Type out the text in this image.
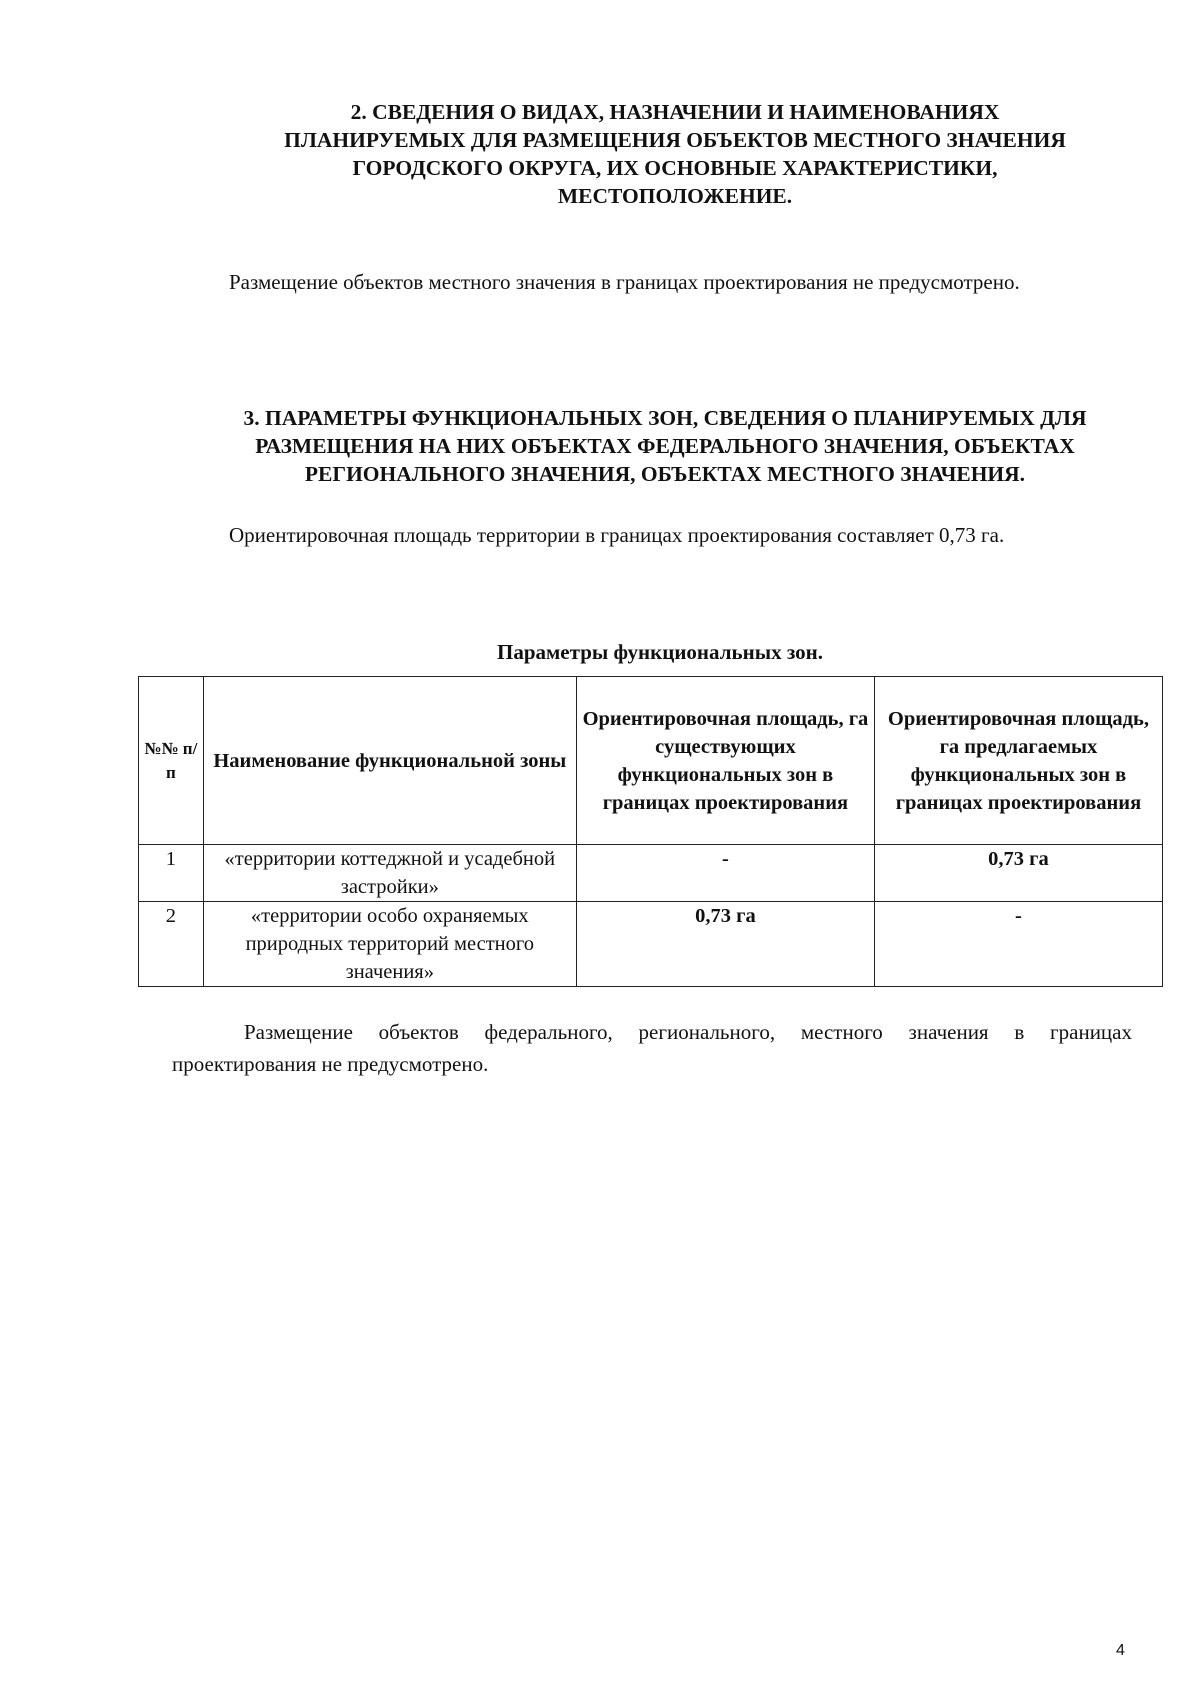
2. СВЕДЕНИЯ О ВИДАХ, НАЗНАЧЕНИИ И НАИМЕНОВАНИЯХ
ПЛАНИРУЕМЫХ ДЛЯ РАЗМЕЩЕНИЯ ОБЪЕКТОВ МЕСТНОГО ЗНАЧЕНИЯ
ГОРОДСКОГО ОКРУГА, ИХ ОСНОВНЫЕ ХАРАКТЕРИСТИКИ,
МЕСТОПОЛОЖЕНИЕ.

Размещение объектов местного значения в границах проектирования не предусмотрено.

3. ПАРАМЕТРЫ ФУНКЦИОНАЛЬНЫХ ЗОН, СВЕДЕНИЯ О ПЛАНИРУЕМЫХ ДЛЯ
РАЗМЕЩЕНИЯ НА НИХ ОБЪЕКТАХ ФЕДЕРАЛЬНОГО ЗНАЧЕНИЯ, ОБЪЕКТАХ
РЕГИОНАЛЬНОГО ЗНАЧЕНИЯ, ОБЪЕКТАХ МЕСТНОГО ЗНАЧЕНИЯ.

Ориентировочная площадь территории в границах проектирования составляет 0,73 га.

Параметры функциональных зон.

№№ п/п	Наименование функциональной зоны	Ориентировочная площадь, га существующих функциональных зон в границах проектирования	Ориентировочная площадь, га предлагаемых функциональных зон в границах проектирования
1	«территории коттеджной и усадебной застройки»	-	0,73 га
2	«территории особо охраняемых природных территорий местного значения»	0,73 га	-

Размещение объектов федерального, регионального, местного значения в границах проектирования не предусмотрено.

4
